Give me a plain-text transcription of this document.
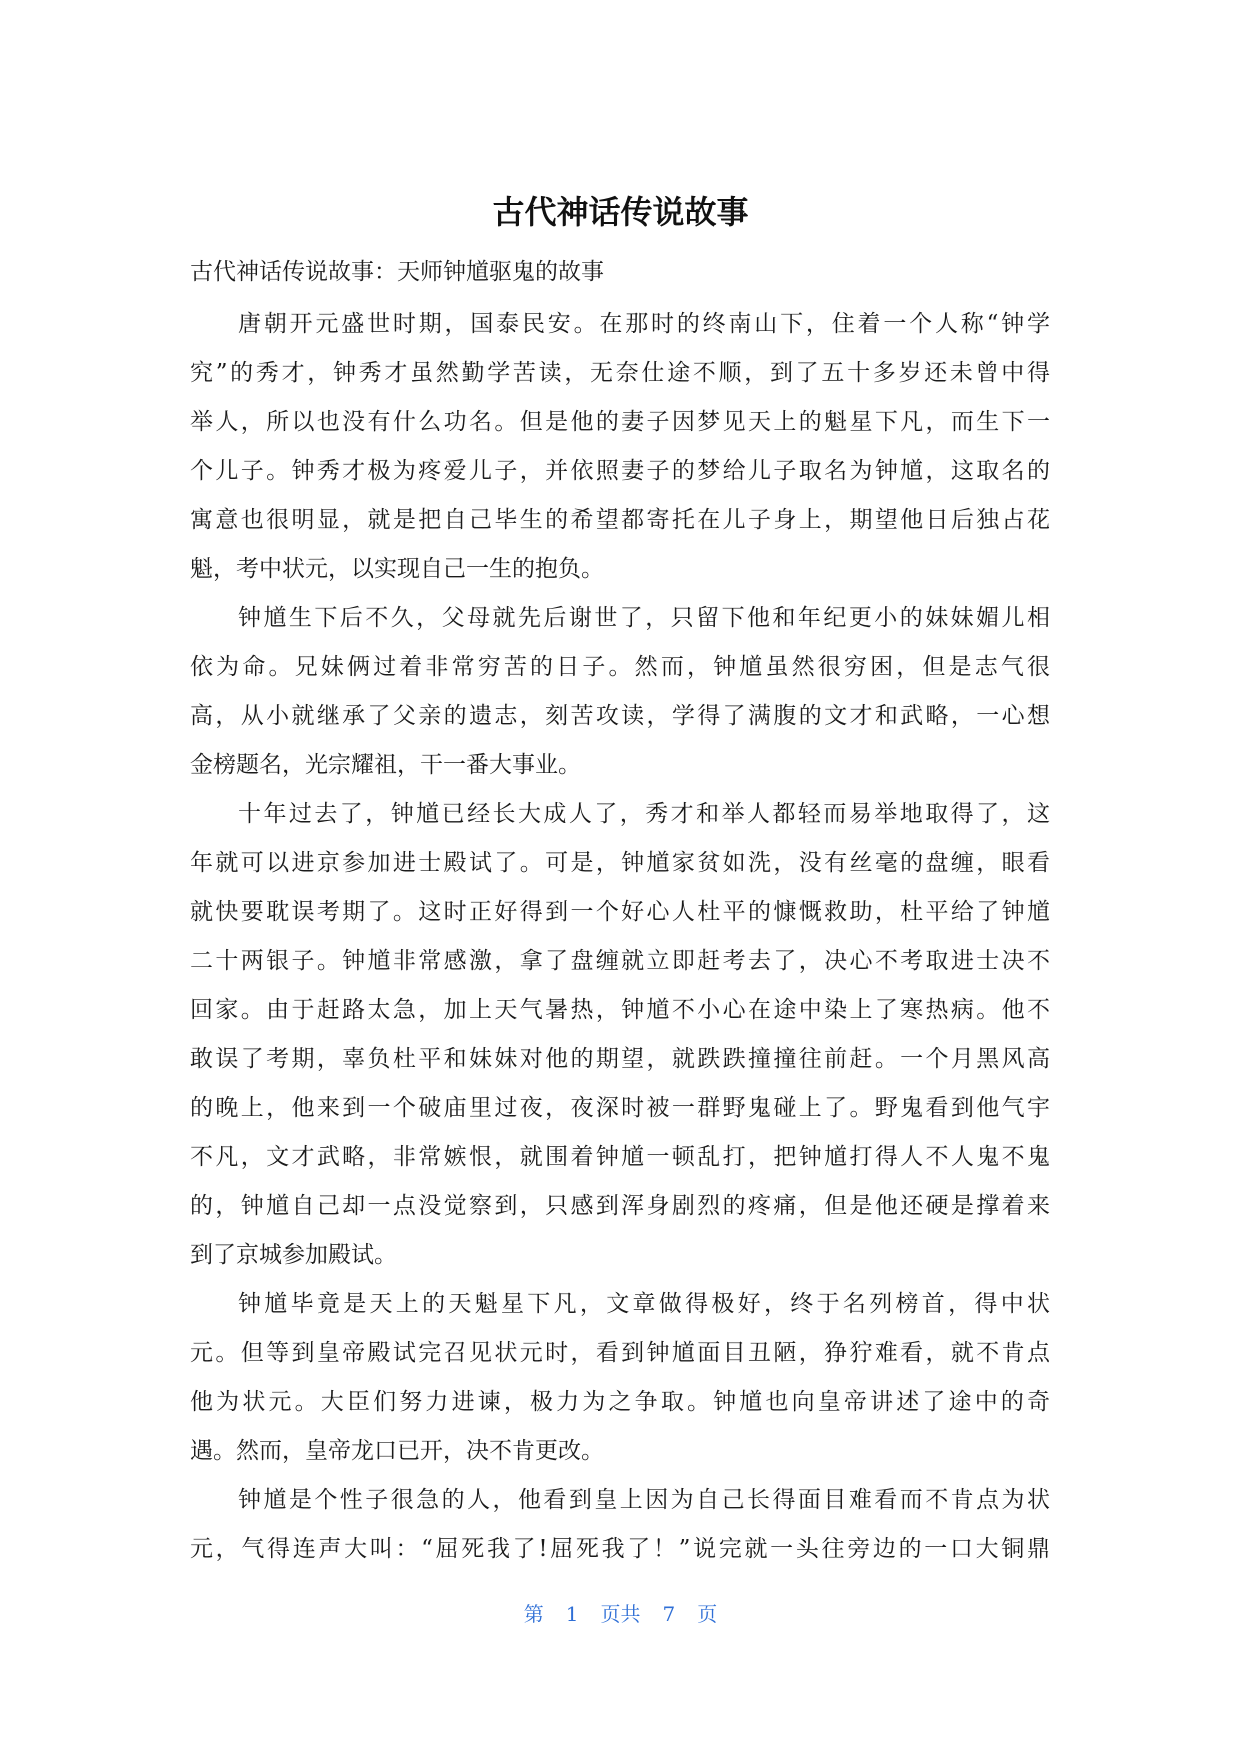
古代神话传说故事
古代神话传说故事：天师钟馗驱鬼的故事
唐朝开元盛世时期，国泰民安。在那时的终南山下，住着一个人称“钟学
究”的秀才，钟秀才虽然勤学苦读，无奈仕途不顺，到了五十多岁还未曾中得
举人，所以也没有什么功名。但是他的妻子因梦见天上的魁星下凡，而生下一
个儿子。钟秀才极为疼爱儿子，并依照妻子的梦给儿子取名为钟馗，这取名的
寓意也很明显，就是把自己毕生的希望都寄托在儿子身上，期望他日后独占花
魁，考中状元，以实现自己一生的抱负。
钟馗生下后不久，父母就先后谢世了，只留下他和年纪更小的妹妹媚儿相
依为命。兄妹俩过着非常穷苦的日子。然而，钟馗虽然很穷困，但是志气很
高，从小就继承了父亲的遗志，刻苦攻读，学得了满腹的文才和武略，一心想
金榜题名，光宗耀祖，干一番大事业。
十年过去了，钟馗已经长大成人了，秀才和举人都轻而易举地取得了，这
年就可以进京参加进士殿试了。可是，钟馗家贫如洗，没有丝毫的盘缠，眼看
就快要耽误考期了。这时正好得到一个好心人杜平的慷慨救助，杜平给了钟馗
二十两银子。钟馗非常感激，拿了盘缠就立即赶考去了，决心不考取进士决不
回家。由于赶路太急，加上天气暑热，钟馗不小心在途中染上了寒热病。他不
敢误了考期，辜负杜平和妹妹对他的期望，就跌跌撞撞往前赶。一个月黑风高
的晚上，他来到一个破庙里过夜，夜深时被一群野鬼碰上了。野鬼看到他气宇
不凡，文才武略，非常嫉恨，就围着钟馗一顿乱打，把钟馗打得人不人鬼不鬼
的，钟馗自己却一点没觉察到，只感到浑身剧烈的疼痛，但是他还硬是撑着来
到了京城参加殿试。
钟馗毕竟是天上的天魁星下凡，文章做得极好，终于名列榜首，得中状
元。但等到皇帝殿试完召见状元时，看到钟馗面目丑陋，狰狞难看，就不肯点
他为状元。大臣们努力进谏，极力为之争取。钟馗也向皇帝讲述了途中的奇
遇。然而，皇帝龙口已开，决不肯更改。
钟馗是个性子很急的人，他看到皇上因为自己长得面目难看而不肯点为状
元，气得连声大叫：“屈死我了!屈死我了！”说完就一头往旁边的一口大铜鼎
第 1 页共 7 页
